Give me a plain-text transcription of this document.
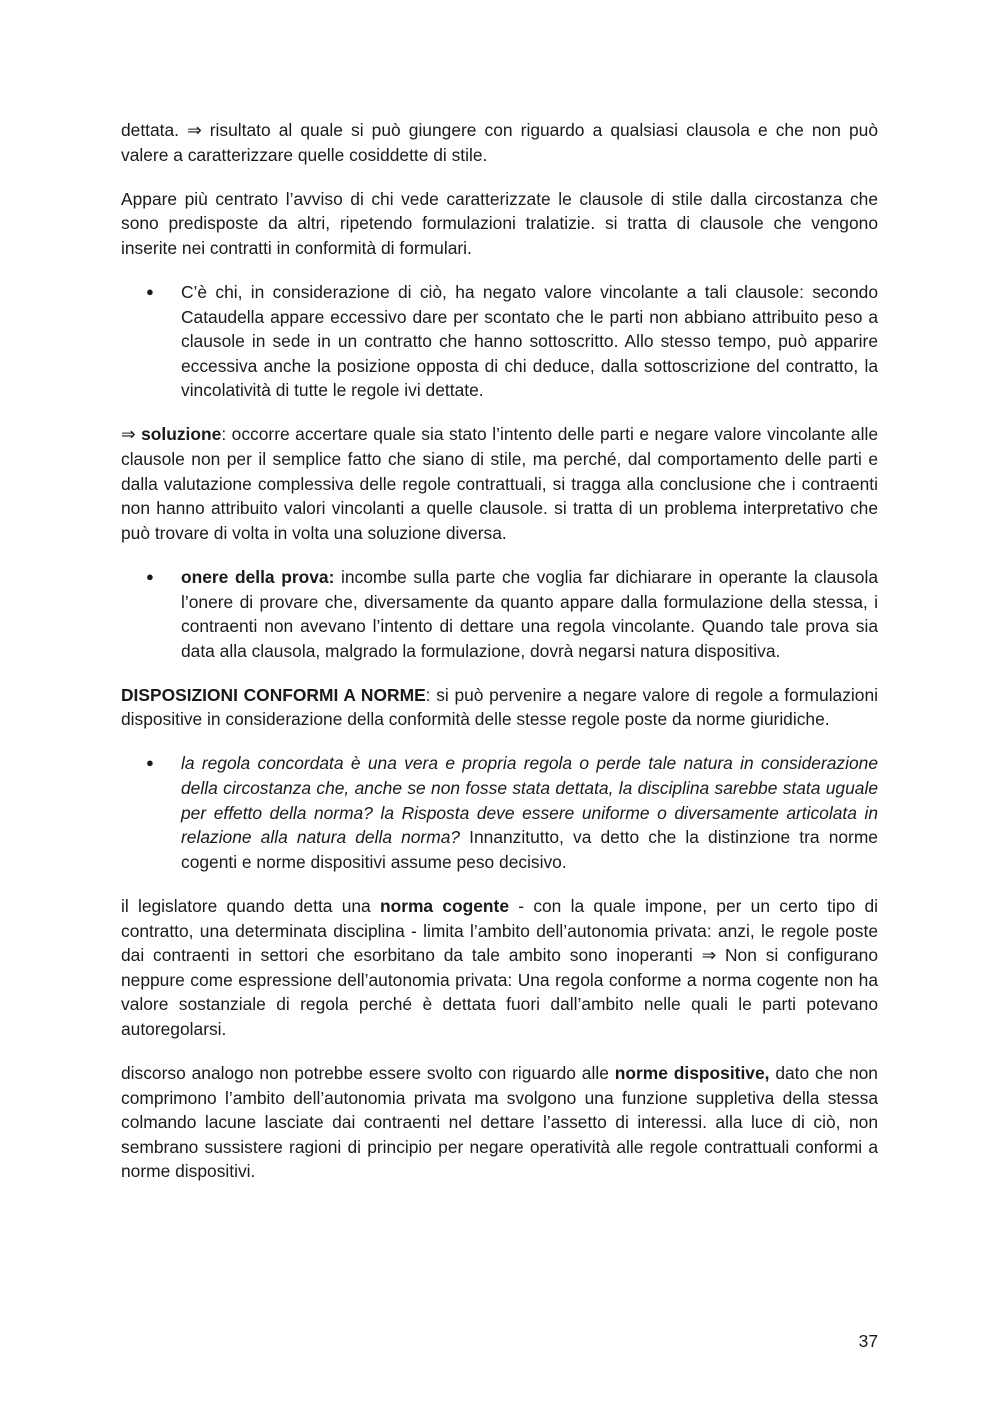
dettata. ⇒ risultato al quale si può giungere con riguardo a qualsiasi clausola e che non può valere a caratterizzare quelle cosiddette di stile.

Appare più centrato l’avviso di chi vede caratterizzate le clausole di stile dalla circostanza che sono predisposte da altri, ripetendo formulazioni tralatizie. si tratta di clausole che vengono inserite nei contratti in conformità di formulari.

● C’è chi, in considerazione di ciò, ha negato valore vincolante a tali clausole: secondo Cataudella appare eccessivo dare per scontato che le parti non abbiano attribuito peso a clausole in sede in un contratto che hanno sottoscritto. Allo stesso tempo, può apparire eccessiva anche la posizione opposta di chi deduce, dalla sottoscrizione del contratto, la vincolatività di tutte le regole ivi dettate.

⇒ soluzione: occorre accertare quale sia stato l’intento delle parti e negare valore vincolante alle clausole non per il semplice fatto che siano di stile, ma perché, dal comportamento delle parti e dalla valutazione complessiva delle regole contrattuali, si tragga alla conclusione che i contraenti non hanno attribuito valori vincolanti a quelle clausole. si tratta di un problema interpretativo che può trovare di volta in volta una soluzione diversa.

● onere della prova: incombe sulla parte che voglia far dichiarare in operante la clausola l’onere di provare che, diversamente da quanto appare dalla formulazione della stessa, i contraenti non avevano l’intento di dettare una regola vincolante. Quando tale prova sia data alla clausola, malgrado la formulazione, dovrà negarsi natura dispositiva.

DISPOSIZIONI CONFORMI A NORME: si può pervenire a negare valore di regole a formulazioni dispositive in considerazione della conformità delle stesse regole poste da norme giuridiche.

● la regola concordata è una vera e propria regola o perde tale natura in considerazione della circostanza che, anche se non fosse stata dettata, la disciplina sarebbe stata uguale per effetto della norma? la Risposta deve essere uniforme o diversamente articolata in relazione alla natura della norma? Innanzitutto, va detto che la distinzione tra norme cogenti e norme dispositivi assume peso decisivo.

il legislatore quando detta una norma cogente - con la quale impone, per un certo tipo di contratto, una determinata disciplina - limita l’ambito dell’autonomia privata: anzi, le regole poste dai contraenti in settori che esorbitano da tale ambito sono inoperanti ⇒ Non si configurano neppure come espressione dell’autonomia privata: Una regola conforme a norma cogente non ha valore sostanziale di regola perché è dettata fuori dall’ambito nelle quali le parti potevano autoregolarsi.

discorso analogo non potrebbe essere svolto con riguardo alle norme dispositive, dato che non comprimono l’ambito dell’autonomia privata ma svolgono una funzione suppletiva della stessa colmando lacune lasciate dai contraenti nel dettare l’assetto di interessi. alla luce di ciò, non sembrano sussistere ragioni di principio per negare operatività alle regole contrattuali conformi a norme dispositivi.

37
